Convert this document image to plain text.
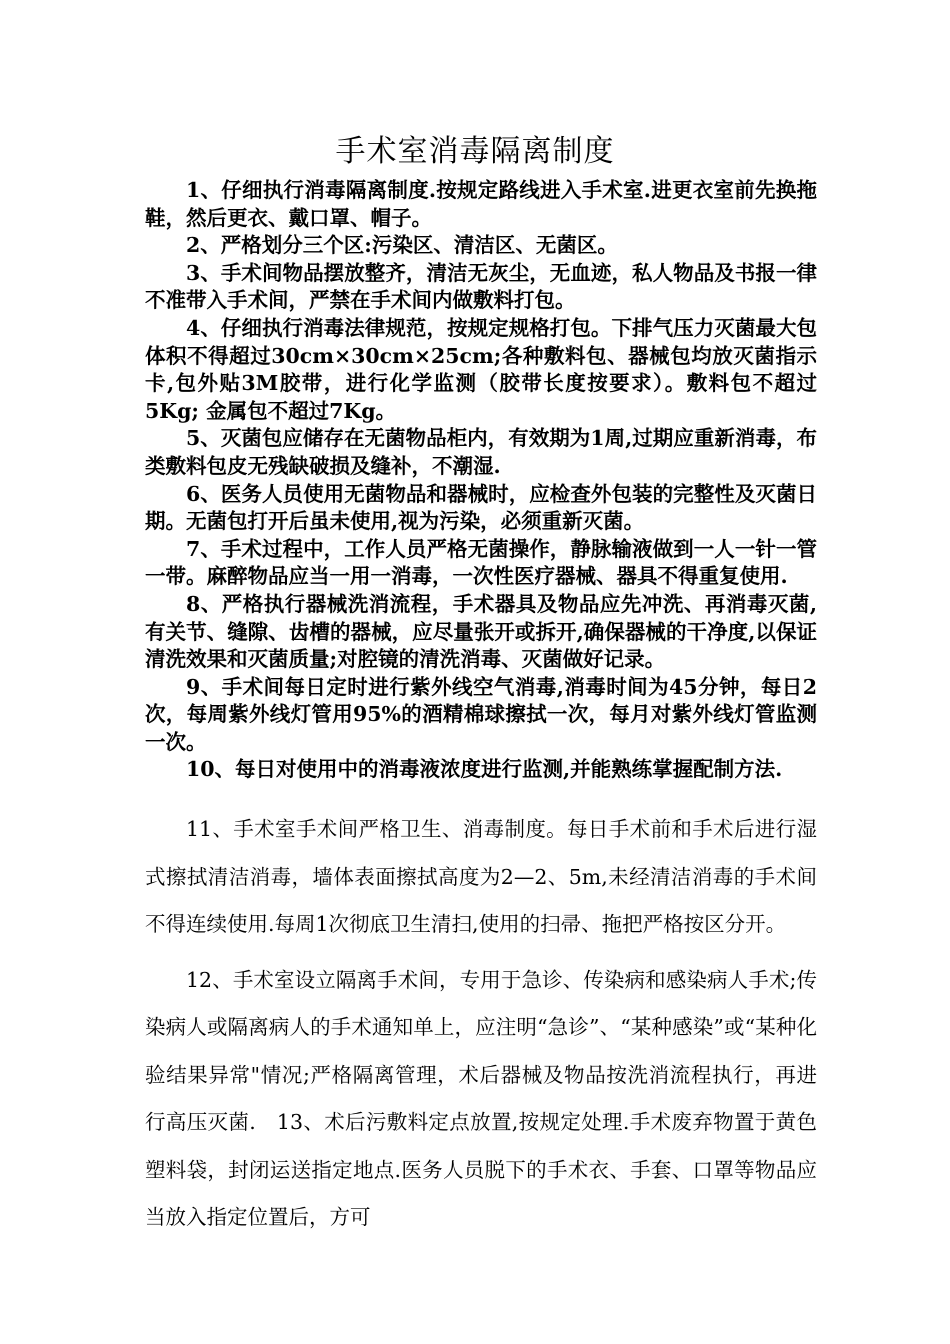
手术室消毒隔离制度

1、仔细执行消毒隔离制度.按规定路线进入手术室.进更衣室前先换拖鞋，然后更衣、戴口罩、帽子。

2、严格划分三个区:污染区、清洁区、无菌区。

3、手术间物品摆放整齐，清洁无灰尘，无血迹，私人物品及书报一律不准带入手术间，严禁在手术间内做敷料打包。

4、仔细执行消毒法律规范，按规定规格打包。下排气压力灭菌最大包体积不得超过30cm×30cm×25cm;各种敷料包、器械包均放灭菌指示卡,包外贴3M胶带，进行化学监测（胶带长度按要求）。敷料包不超过5Kg; 金属包不超过7Kg。

5、灭菌包应储存在无菌物品柜内，有效期为1周,过期应重新消毒，布类敷料包皮无残缺破损及缝补，不潮湿.

6、医务人员使用无菌物品和器械时，应检查外包装的完整性及灭菌日期。无菌包打开后虽未使用,视为污染，必须重新灭菌。

7、手术过程中，工作人员严格无菌操作，静脉输液做到一人一针一管一带。麻醉物品应当一用一消毒，一次性医疗器械、器具不得重复使用.

8、严格执行器械洗消流程，手术器具及物品应先冲洗、再消毒灭菌,有关节、缝隙、齿槽的器械，应尽量张开或拆开,确保器械的干净度,以保证清洗效果和灭菌质量;对腔镜的清洗消毒、灭菌做好记录。

9、手术间每日定时进行紫外线空气消毒,消毒时间为45分钟，每日2次，每周紫外线灯管用95%的酒精棉球擦拭一次，每月对紫外线灯管监测一次。

10、每日对使用中的消毒液浓度进行监测,并能熟练掌握配制方法.

11、手术室手术间严格卫生、消毒制度。每日手术前和手术后进行湿式擦拭清洁消毒，墙体表面擦拭高度为2—2、5m,未经清洁消毒的手术间不得连续使用.每周1次彻底卫生清扫,使用的扫帚、拖把严格按区分开。

12、手术室设立隔离手术间，专用于急诊、传染病和感染病人手术;传染病人或隔离病人的手术通知单上，应注明“急诊”、“某种感染”或“某种化验结果异常"情况;严格隔离管理，术后器械及物品按洗消流程执行，再进行高压灭菌.　13、术后污敷料定点放置,按规定处理.手术废弃物置于黄色塑料袋，封闭运送指定地点.医务人员脱下的手术衣、手套、口罩等物品应当放入指定位置后，方可
